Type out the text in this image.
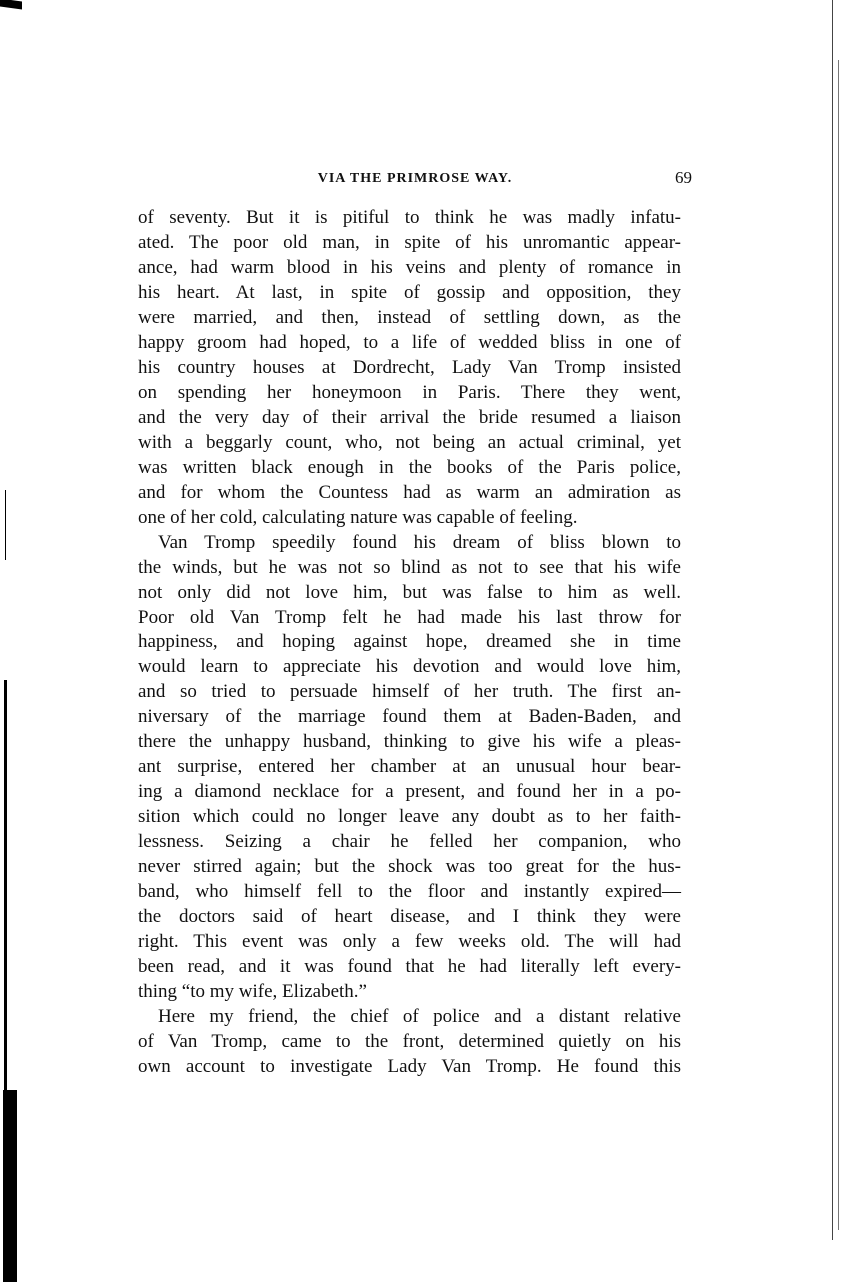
VIA THE PRIMROSE WAY.	69
of seventy. But it is pitiful to think he was madly infatu-
ated. The poor old man, in spite of his unromantic appear-
ance, had warm blood in his veins and plenty of romance in
his heart. At last, in spite of gossip and opposition, they
were married, and then, instead of settling down, as the
happy groom had hoped, to a life of wedded bliss in one of
his country houses at Dordrecht, Lady Van Tromp insisted
on spending her honeymoon in Paris. There they went,
and the very day of their arrival the bride resumed a liaison
with a beggarly count, who, not being an actual criminal, yet
was written black enough in the books of the Paris police,
and for whom the Countess had as warm an admiration as
one of her cold, calculating nature was capable of feeling.
Van Tromp speedily found his dream of bliss blown to
the winds, but he was not so blind as not to see that his wife
not only did not love him, but was false to him as well.
Poor old Van Tromp felt he had made his last throw for
happiness, and hoping against hope, dreamed she in time
would learn to appreciate his devotion and would love him,
and so tried to persuade himself of her truth. The first an-
niversary of the marriage found them at Baden-Baden, and
there the unhappy husband, thinking to give his wife a pleas-
ant surprise, entered her chamber at an unusual hour bear-
ing a diamond necklace for a present, and found her in a po-
sition which could no longer leave any doubt as to her faith-
lessness. Seizing a chair he felled her companion, who
never stirred again; but the shock was too great for the hus-
band, who himself fell to the floor and instantly expired—
the doctors said of heart disease, and I think they were
right. This event was only a few weeks old. The will had
been read, and it was found that he had literally left every-
thing “to my wife, Elizabeth.”
Here my friend, the chief of police and a distant relative
of Van Tromp, came to the front, determined quietly on his
own account to investigate Lady Van Tromp. He found this
